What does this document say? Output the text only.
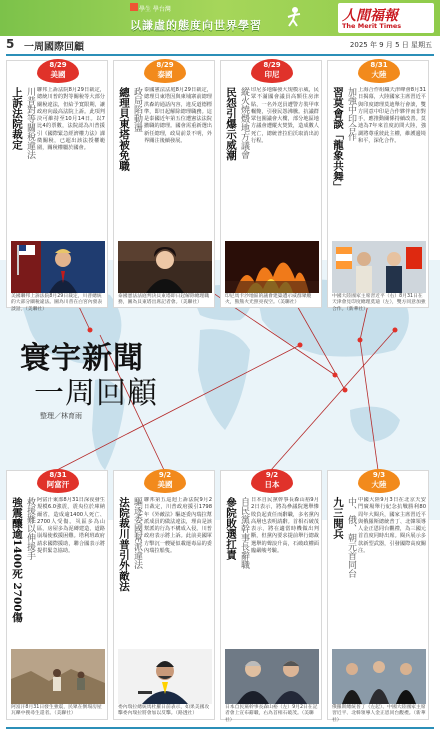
學生 學台灣
以謙虛的態度向世界學習
人間福報
The Merit Times
5 一周國際回顧	2025 年 9 月 5 日 星期五
寰宇新聞
一周回顧
整理／林育雨
8/29
美國
上訴法院裁定 川普對等關稅違法 聯邦上訴法院8月29日裁定，總統川普的對等關稅等大部分關稅違法，但給予寬限期，讓政府向最高法院上訴。此項判決可維持至10月14日。以7比4的票數，法院認為川普援引《國際緊急經濟權力法》課徵關稅，已超出該法授權範圍，關稅權屬於國會。
美國聯邦上訴法院8月29日裁定，川普總統的大部分關稅違法。圖為川普在白宮內發表談話。（美聯社）
8/29
泰國
總理貝東塔被免職 政局陷動盪 泰國憲法法庭8月29日裁定，總理貝東塔因與柬埔寨前總理洪森的通話內容，違反道德標準，即日起解除總理職務。這是泰國近年第五位遭憲法法院撤職的總理。國會需重新選出新任總理，政局前景不明，外界關注後續發展。
泰國憲法法庭判決貝東塔即日起解除總理職務，圖為貝東塔出席記者會。（美聯社）
8/29
印尼
民怨引爆示威潮 縱火燒燬地方議會 印尼多地爆發大規模示威，民眾不滿國會議員高額住房津貼，一名外送員遭警方裝甲車輾斃，引發民怨沸騰。抗議群眾包圍議會大樓，部分地區地方議會遭縱火焚毀，造成數人死亡，總統普拉伯沃取消出訪行程。
印尼馬卡沙地區的議會建築遭示威群眾縱火，熊熊火光照亮夜空。（美聯社）
8/31
大陸
習莫會談「龍象共舞」 加強中印合作 上海合作組織天津峰會8月31日揭幕，大陸國家主席習近平與印度總理莫迪舉行會談，雙方同意中印是合作夥伴而非對手，應推動關係持續改善。莫迪為7年來首度訪問大陸，強調將尊重彼此主權，維護邊境和平，深化合作。
中國大陸國家主席習近平（右）8月31日在天津會見印度總理莫迪（左），雙方同意加強合作。（新華社）
8/31
阿富汗
強震釀逾1400死 2700傷 救援難以伸援手 阿富汗東部8月31日深夜發生規模6.0強震，震央位於庫納爾省，造成逾1400人死亡、2700人受傷。災區多為山區，房屋多為泥磚建造，道路崩塌使救援困難。塔利班政府請求國際援助，聯合國表示將提供緊急協助。
阿富汗8月31日發生強震，民眾在倒塌房屋瓦礫中搜尋生還者。（美聯社）
9/2
美國
法院裁川普引外敵法 驅逐委國幫派違法 聯邦第五巡迴上訴法院9月2日裁定，川普政府援引1798年《外敵法》驅逐委內瑞拉幫派成員的做法違法，理由是該幫派的行為不構成入侵。川普政府表示將上訴。此前美國軍方擊沉一艘疑似載運毒品的委內瑞拉船隻。
委內瑞拉總統馬杜羅日前表示，如果美國攻擊委內瑞拉將會加以反擊。（路透社）
9/2
日本
參院敗選扛責 自民黨幹事長辭職 日本自民黨幹事長森山裕9月2日表示，將為參議院選舉慘敗負起責任而辭職，多名黨內高層也表明請辭。首相石破茂表示，將在適當時機做出判斷，但黨內要求提前舉行總裁選舉的聲浪升高，石破政權面臨嚴峻考驗。
日本自民黨幹事長森山裕（左）9月2日在記者會上宣布辭職，右為首相石破茂。（美聯社）
9/3
大陸
九三閱兵 中、俄、朝元首同台 中國大陸9月3日在北京天安門廣場舉行紀念抗戰勝利80周年大閱兵，國家主席習近平與俄羅斯總統普丁、北韓領導人金正恩同台觀禮，為三國元首首度同時出席。閱兵展示多款新型武器，引發國際高度關注。
俄羅斯總統普丁（左起）、中國大陸國家主席習近平、北韓領導人金正恩同台觀禮。（新華社）
